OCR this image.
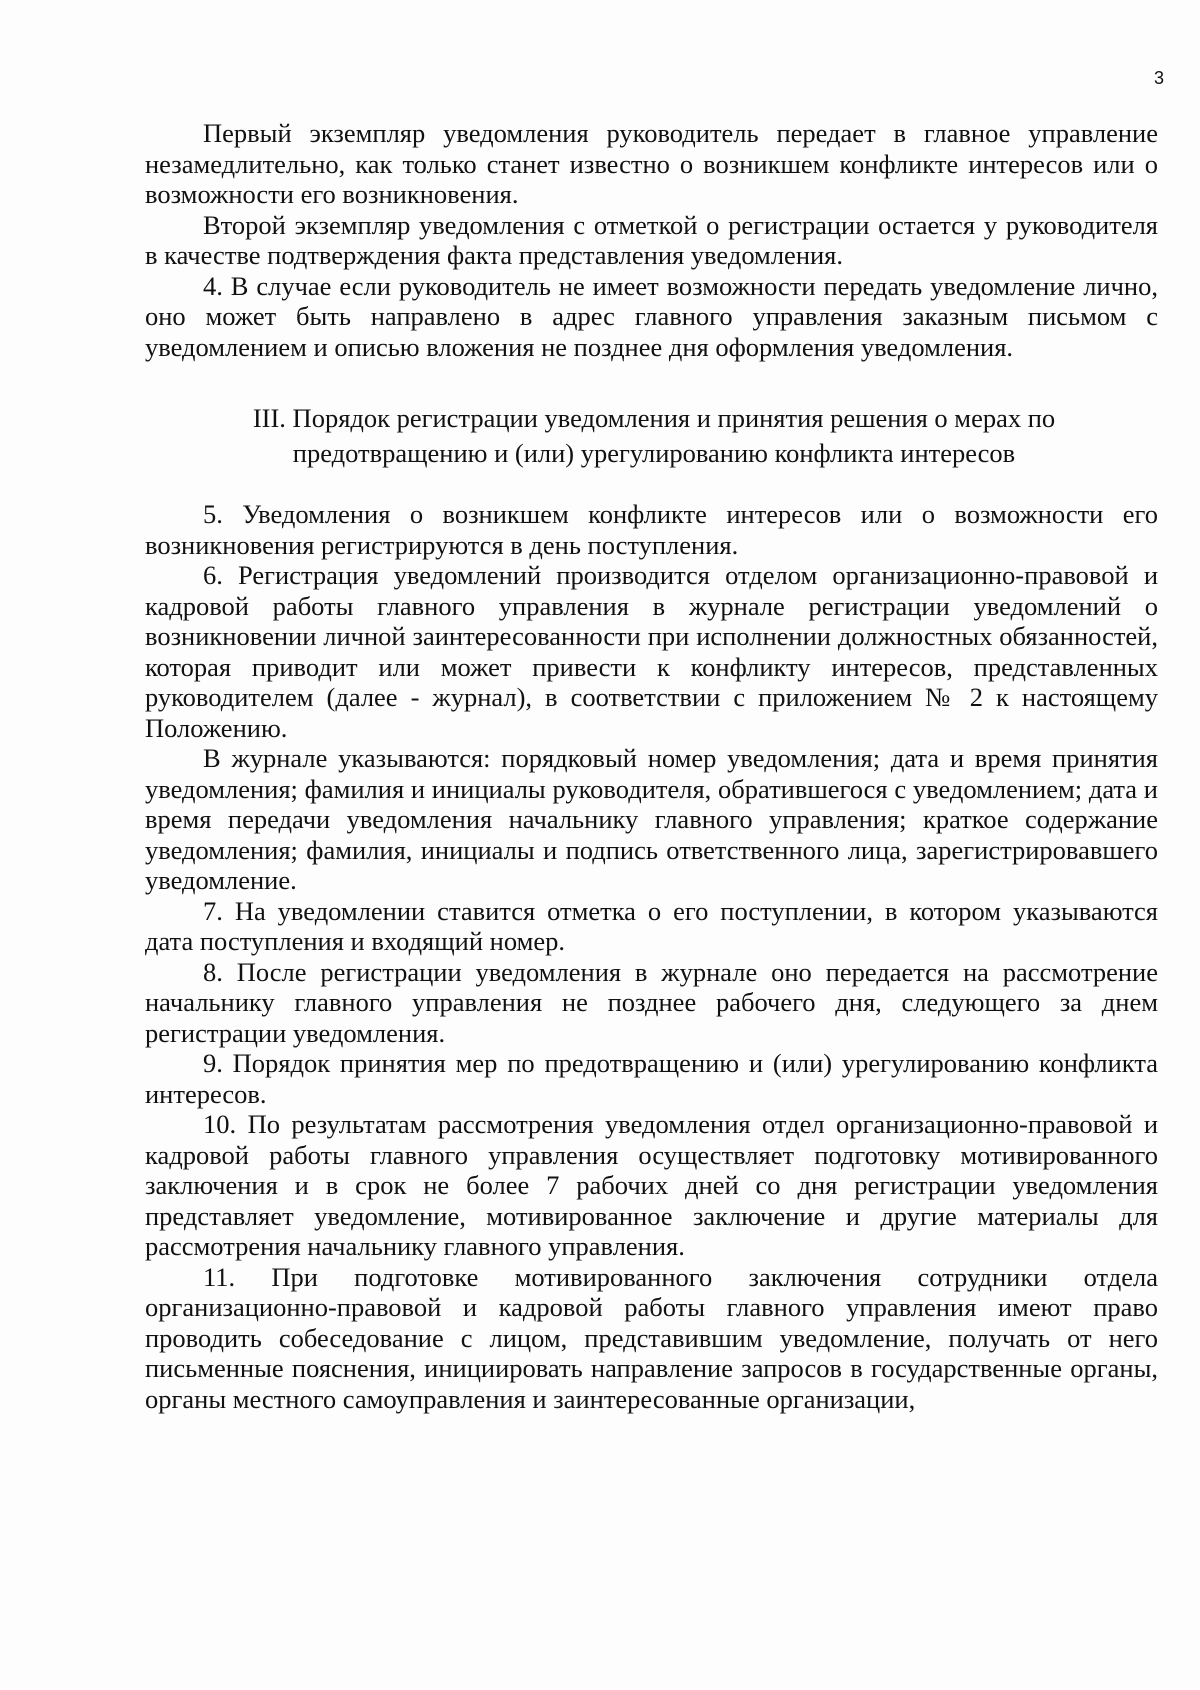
3

Первый экземпляр уведомления руководитель передает в главное управление незамедлительно, как только станет известно о возникшем конфликте интересов или о возможности его возникновения.

Второй экземпляр уведомления с отметкой о регистрации остается у руководителя в качестве подтверждения факта представления уведомления.

4. В случае если руководитель не имеет возможности передать уведомление лично, оно может быть направлено в адрес главного управления заказным письмом с уведомлением и описью вложения не позднее дня оформления уведомления.

III. Порядок регистрации уведомления и принятия решения о мерах по
предотвращению и (или) урегулированию конфликта интересов

5. Уведомления о возникшем конфликте интересов или о возможности его возникновения регистрируются в день поступления.

6. Регистрация уведомлений производится отделом организационно-правовой и кадровой работы главного управления в журнале регистрации уведомлений о возникновении личной заинтересованности при исполнении должностных обязанностей, которая приводит или может привести к конфликту интересов, представленных руководителем (далее - журнал), в соответствии с приложением № 2 к настоящему Положению.

В журнале указываются: порядковый номер уведомления; дата и время принятия уведомления; фамилия и инициалы руководителя, обратившегося с уведомлением; дата и время передачи уведомления начальнику главного управления; краткое содержание уведомления; фамилия, инициалы и подпись ответственного лица, зарегистрировавшего уведомление.

7. На уведомлении ставится отметка о его поступлении, в котором указываются дата поступления и входящий номер.

8. После регистрации уведомления в журнале оно передается на рассмотрение начальнику главного управления не позднее рабочего дня, следующего за днем регистрации уведомления.

9. Порядок принятия мер по предотвращению и (или) урегулированию конфликта интересов.

10. По результатам рассмотрения уведомления отдел организационно-правовой и кадровой работы главного управления осуществляет подготовку мотивированного заключения и в срок не более 7 рабочих дней со дня регистрации уведомления представляет уведомление, мотивированное заключение и другие материалы для рассмотрения начальнику главного управления.

11. При подготовке мотивированного заключения сотрудники отдела организационно-правовой и кадровой работы главного управления имеют право проводить собеседование с лицом, представившим уведомление, получать от него письменные пояснения, инициировать направление запросов в государственные органы, органы местного самоуправления и заинтересованные организации,
